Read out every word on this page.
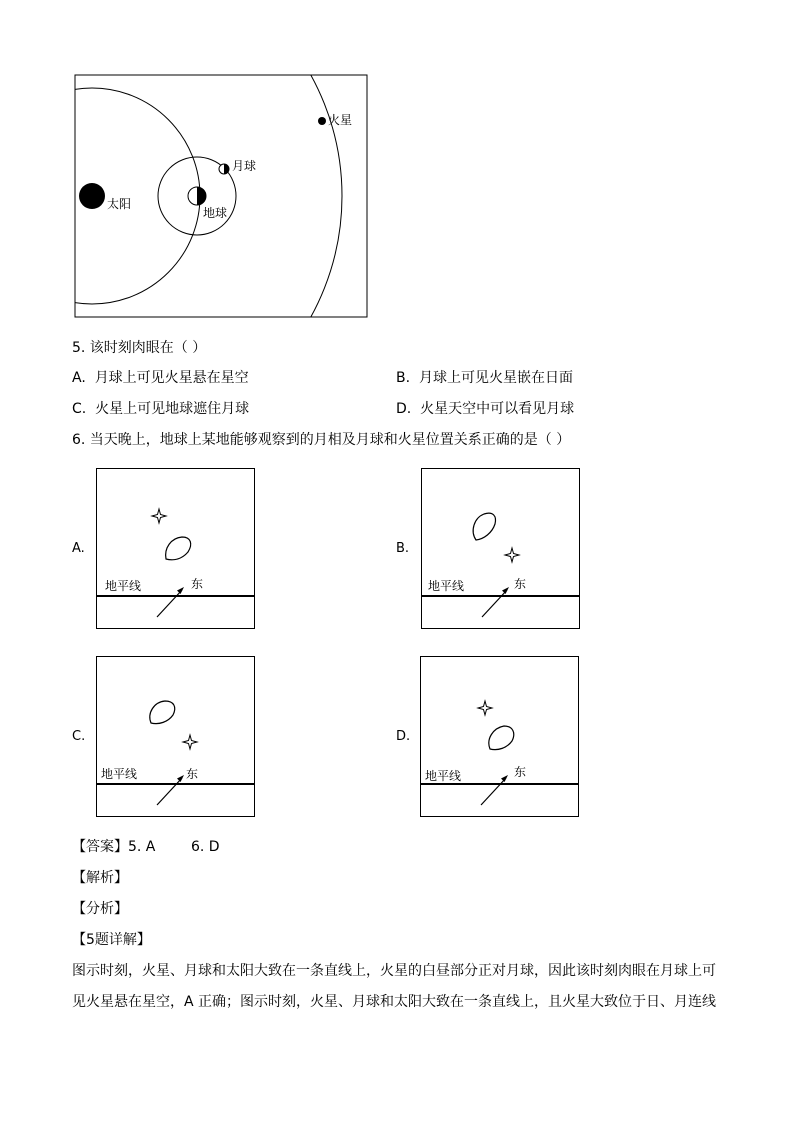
火星
月球
太阳
地球
5. 该时刻肉眼在（ ）
A. 月球上可见火星悬在星空	B. 月球上可见火星嵌在日面
C. 火星上可见地球遮住月球	D. 火星天空中可以看见月球
6. 当天晚上，地球上某地能够观察到的月相及月球和火星位置关系正确的是（ ）
A.
地平线	东
B.
地平线	东
C.
地平线	东
D.
地平线	东
【答案】5. A        6. D
【解析】
【分析】
【5题详解】
图示时刻，火星、月球和太阳大致在一条直线上，火星的白昼部分正对月球，因此该时刻肉眼在月球上可
见火星悬在星空，A 正确；图示时刻，火星、月球和太阳大致在一条直线上，且火星大致位于日、月连线
